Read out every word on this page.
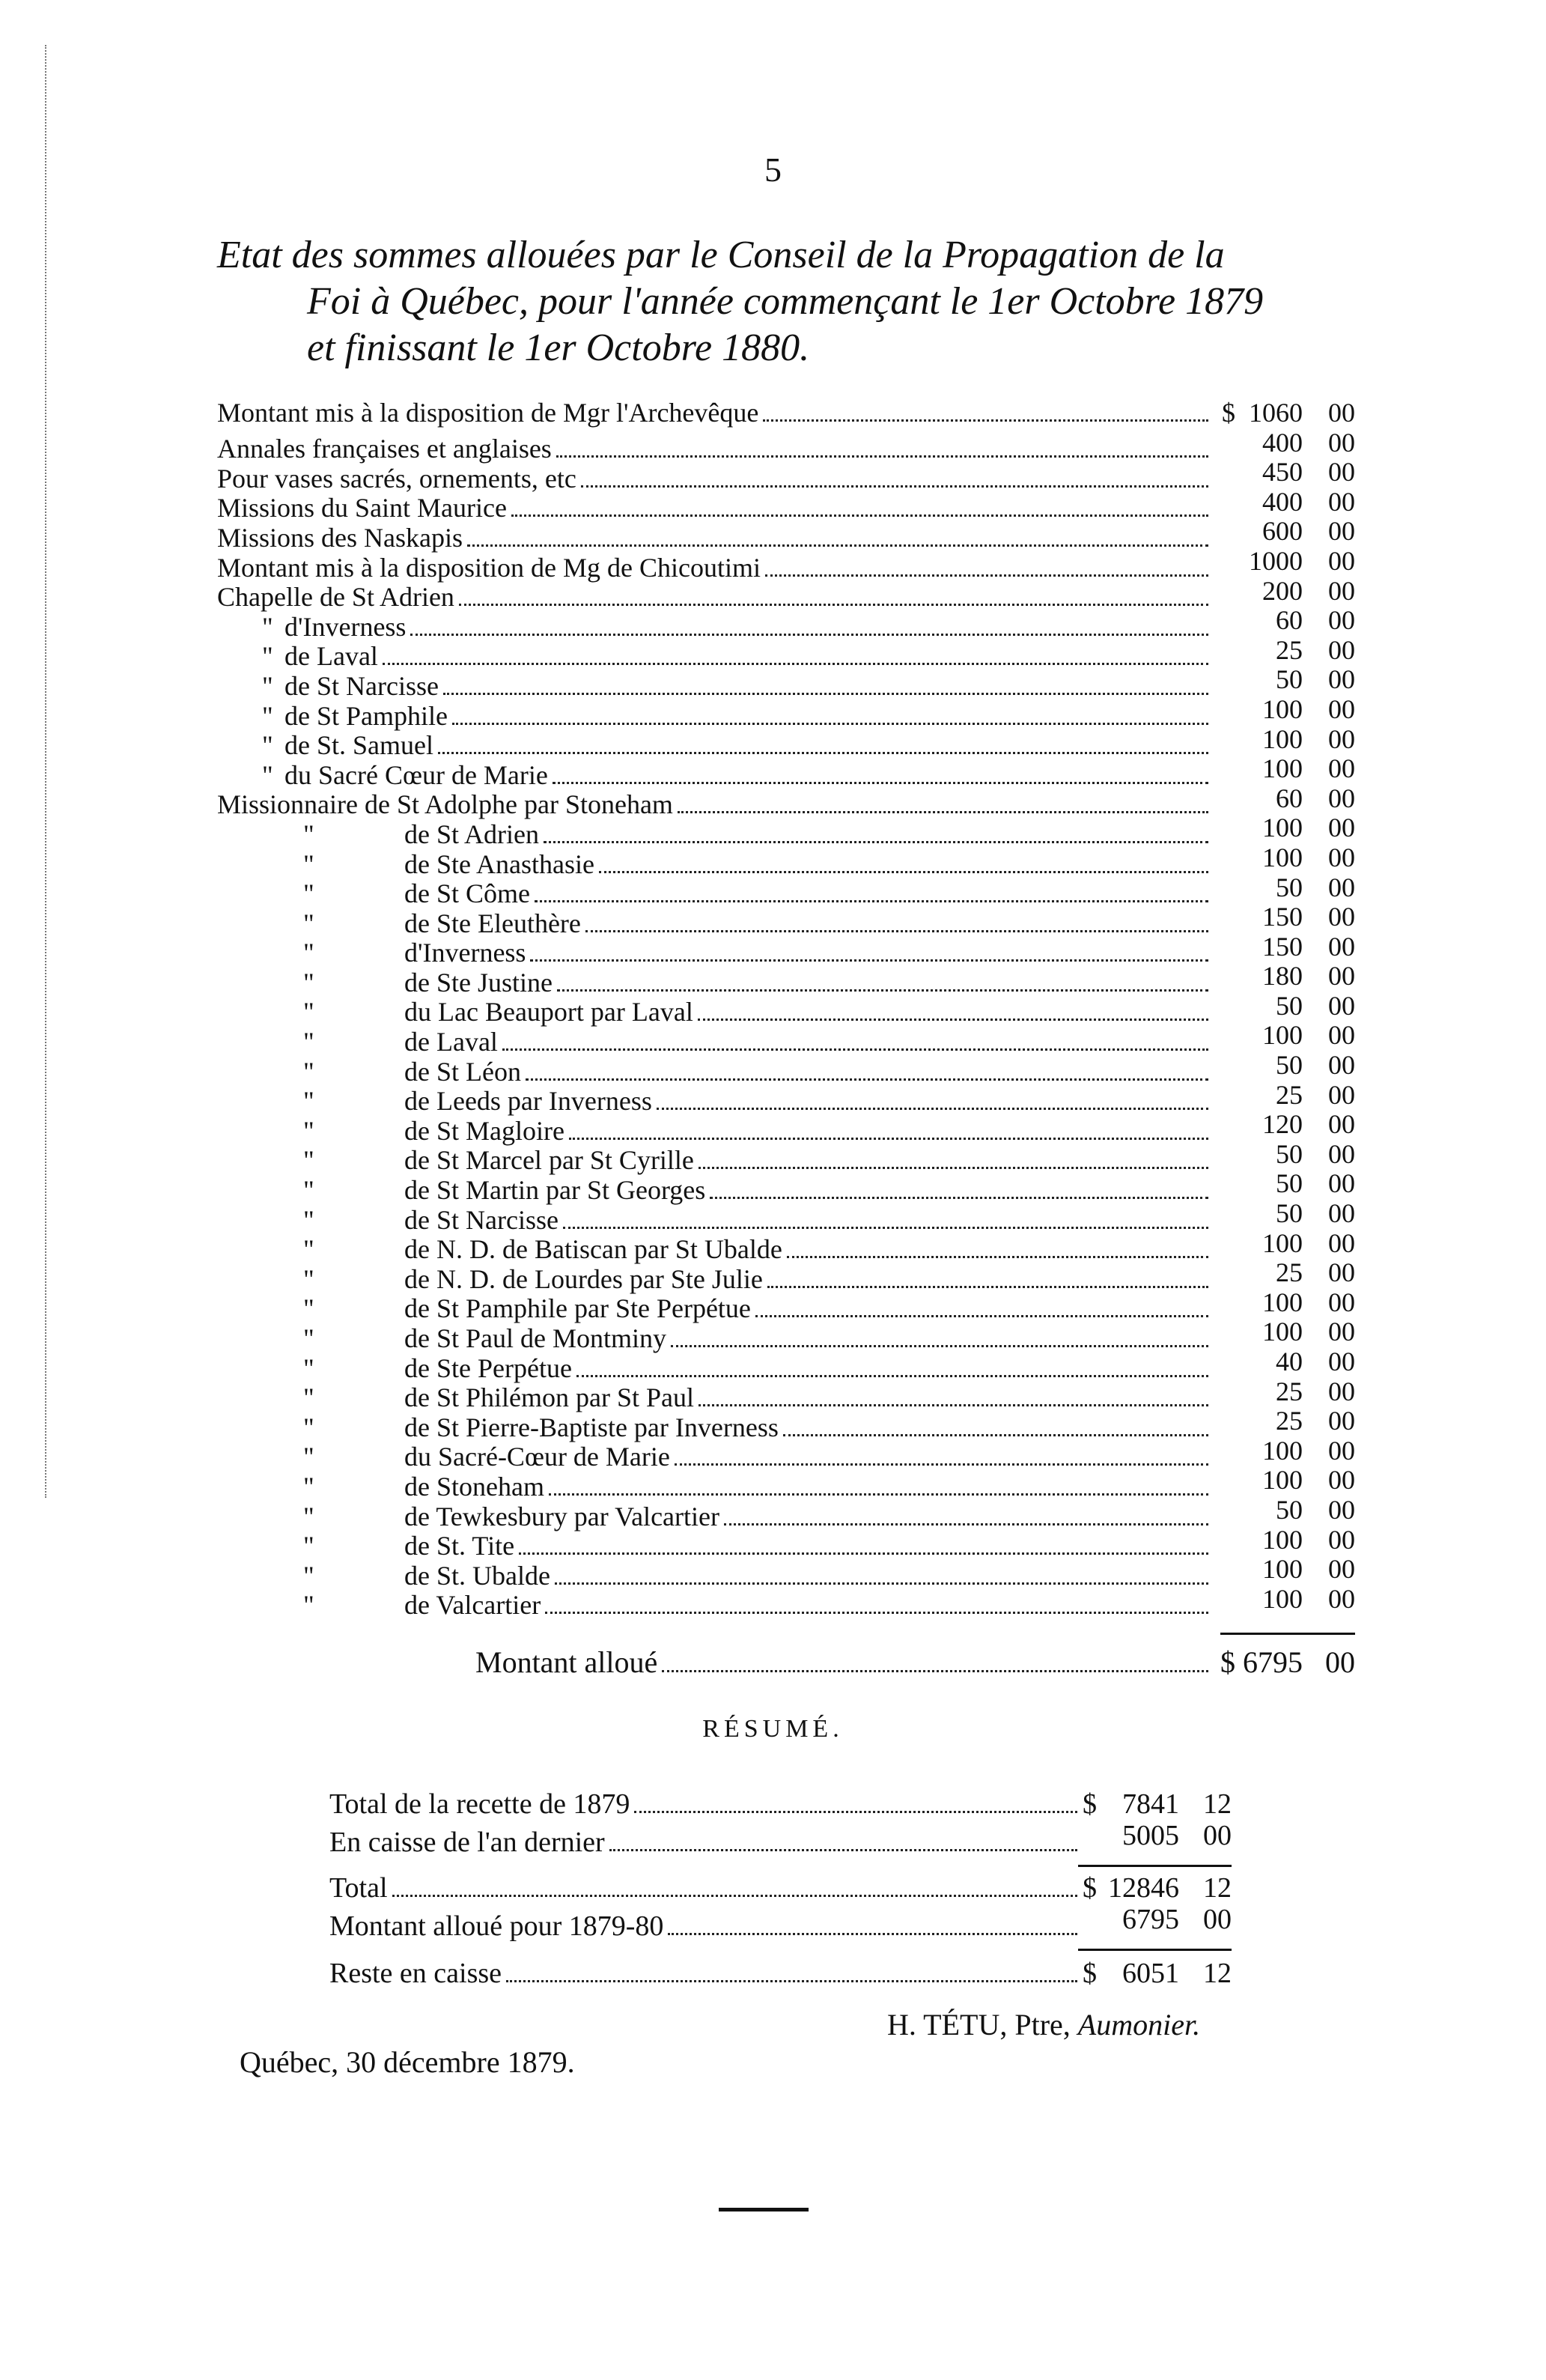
5
Etat des sommes allouées par le Conseil de la Propagation de la
Foi à Québec, pour l'année commençant le 1er Octobre 1879
et finissant le 1er Octobre 1880.
Montant mis à la disposition de Mgr l'Archevêque	$ 1060 00
Annales françaises et anglaises	400 00
Pour vases sacrés, ornements, etc	450 00
Missions du Saint Maurice	400 00
Missions des Naskapis	600 00
Montant mis à la disposition de Mg de Chicoutimi	1000 00
Chapelle de St Adrien	200 00
" d'Inverness	60 00
" de Laval	25 00
" de St Narcisse	50 00
" de St Pamphile	100 00
" de St. Samuel	100 00
" du Sacré Cœur de Marie	100 00
Missionnaire de St Adolphe par Stoneham	60 00
"	de St Adrien	100 00
"	de Ste Anasthasie	100 00
"	de St Côme	50 00
"	de Ste Eleuthère	150 00
"	d'Inverness	150 00
"	de Ste Justine	180 00
"	du Lac Beauport par Laval	50 00
"	de Laval	100 00
"	de St Léon	50 00
"	de Leeds par Inverness	25 00
"	de St Magloire	120 00
"	de St Marcel par St Cyrille	50 00
"	de St Martin par St Georges	50 00
"	de St Narcisse	50 00
"	de N. D. de Batiscan par St Ubalde	100 00
"	de N. D. de Lourdes par Ste Julie	25 00
"	de St Pamphile par Ste Perpétue	100 00
"	de St Paul de Montminy	100 00
"	de Ste Perpétue	40 00
"	de St Philémon par St Paul	25 00
"	de St Pierre-Baptiste par Inverness	25 00
"	du Sacré-Cœur de Marie	100 00
"	de Stoneham	100 00
"	de Tewkesbury par Valcartier	50 00
"	de St. Tite	100 00
"	de St. Ubalde	100 00
"	de Valcartier	100 00
Montant alloué	$ 6795 00
RÉSUMÉ.
Total de la recette de 1879	$ 7841 12
En caisse de l'an dernier	5005 00
Total	$ 12846 12
Montant alloué pour 1879-80	6795 00
Reste en caisse	$ 6051 12
H. TÉTU, Ptre, Aumonier.
Québec, 30 décembre 1879.
